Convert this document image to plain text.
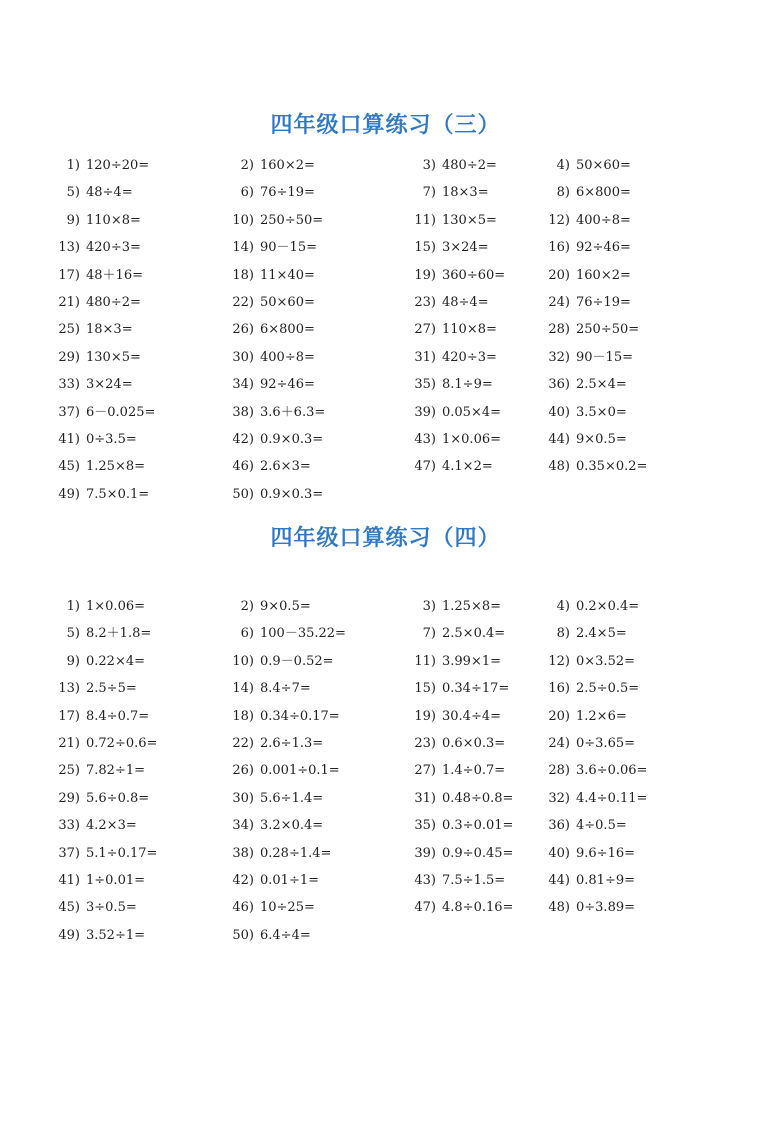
四年级口算练习（三）
1) 120÷20=	2) 160×2=	3) 480÷2=	4) 50×60=
5) 48÷4=	6) 76÷19=	7) 18×3=	8) 6×800=
9) 110×8=	10) 250÷50=	11) 130×5=	12) 400÷8=
13) 420÷3=	14) 90－15=	15) 3×24=	16) 92÷46=
17) 48＋16=	18) 11×40=	19) 360÷60=	20) 160×2=
21) 480÷2=	22) 50×60=	23) 48÷4=	24) 76÷19=
25) 18×3=	26) 6×800=	27) 110×8=	28) 250÷50=
29) 130×5=	30) 400÷8=	31) 420÷3=	32) 90－15=
33) 3×24=	34) 92÷46=	35) 8.1÷9=	36) 2.5×4=
37) 6－0.025=	38) 3.6＋6.3=	39) 0.05×4=	40) 3.5×0=
41) 0÷3.5=	42) 0.9×0.3=	43) 1×0.06=	44) 9×0.5=
45) 1.25×8=	46) 2.6×3=	47) 4.1×2=	48) 0.35×0.2=
49) 7.5×0.1=	50) 0.9×0.3=
四年级口算练习（四）
1) 1×0.06=	2) 9×0.5=	3) 1.25×8=	4) 0.2×0.4=
5) 8.2＋1.8=	6) 100－35.22=	7) 2.5×0.4=	8) 2.4×5=
9) 0.22×4=	10) 0.9－0.52=	11) 3.99×1=	12) 0×3.52=
13) 2.5÷5=	14) 8.4÷7=	15) 0.34÷17=	16) 2.5÷0.5=
17) 8.4÷0.7=	18) 0.34÷0.17=	19) 30.4÷4=	20) 1.2×6=
21) 0.72÷0.6=	22) 2.6÷1.3=	23) 0.6×0.3=	24) 0÷3.65=
25) 7.82÷1=	26) 0.001÷0.1=	27) 1.4÷0.7=	28) 3.6÷0.06=
29) 5.6÷0.8=	30) 5.6÷1.4=	31) 0.48÷0.8=	32) 4.4÷0.11=
33) 4.2×3=	34) 3.2×0.4=	35) 0.3÷0.01=	36) 4÷0.5=
37) 5.1÷0.17=	38) 0.28÷1.4=	39) 0.9÷0.45=	40) 9.6÷16=
41) 1÷0.01=	42) 0.01÷1=	43) 7.5÷1.5=	44) 0.81÷9=
45) 3÷0.5=	46) 10÷25=	47) 4.8÷0.16=	48) 0÷3.89=
49) 3.52÷1=	50) 6.4÷4=
